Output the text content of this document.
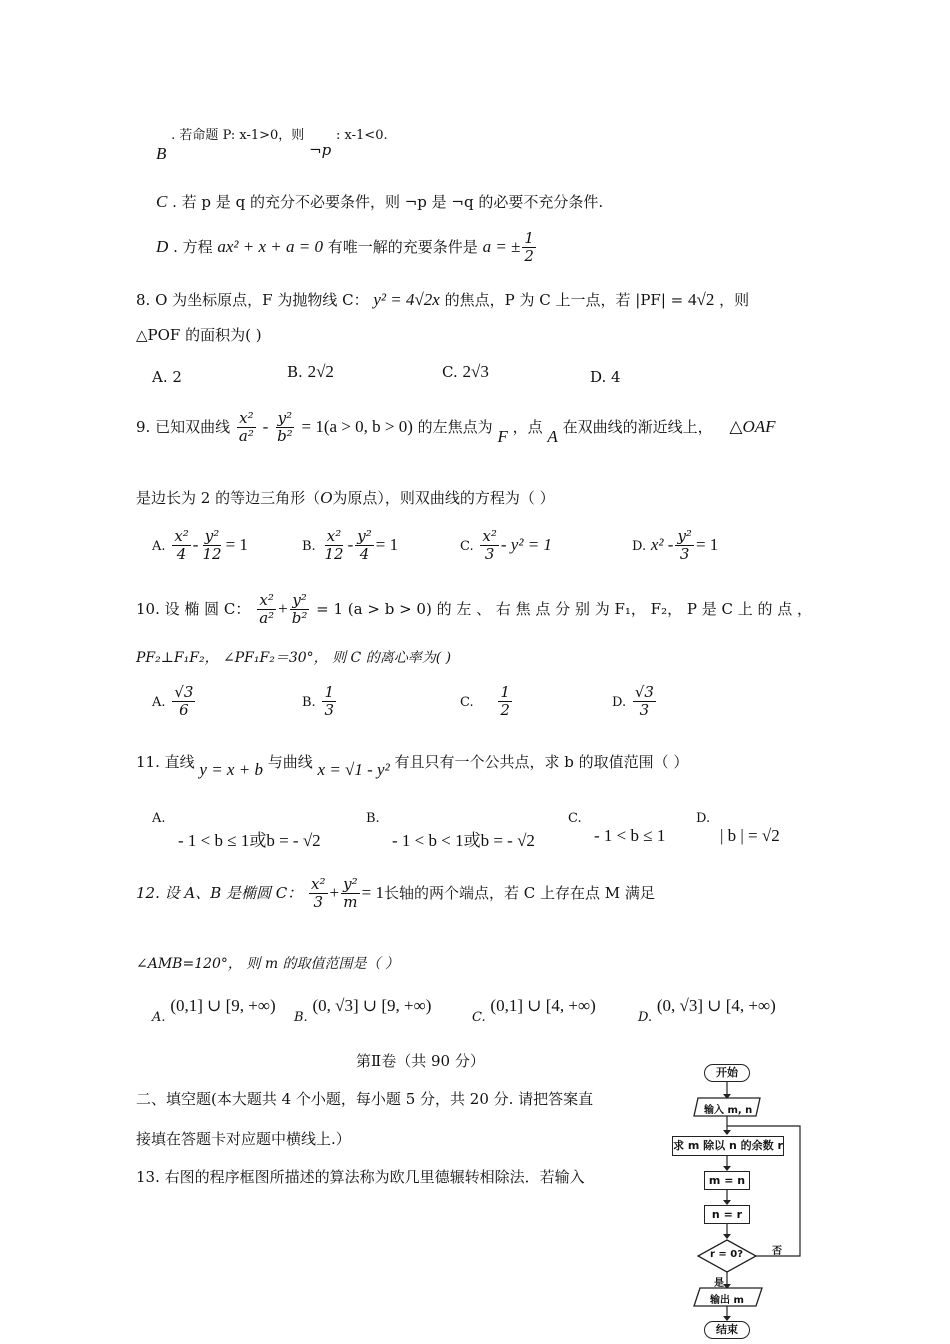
B . 若命题 P: x-1>0，则 ¬p : x-1<0.
C . 若 p 是 q 的充分不必要条件，则 ¬p 是 ¬q 的必要不充分条件.
D . 方程 ax² + x + a = 0 有唯一解的充要条件是 a = ± $\frac{1}{2}$
8. O 为坐标原点，F 为抛物线 C： y² = 4√2x 的焦点，P 为 C 上一点，若 |PF| = 4√2 ，则
△POF 的面积为( )
A. 2	B. 2√2	C. 2√3	D. 4
9. 已知双曲线 $\frac{\text{x²}}{\text{a²}} - \frac{\text{y²}}{\text{b²}} = 1(a > 0$, b > 0) 的左焦点为 F ，点 A 在双曲线的渐近线上， △OAF
是边长为 2 的等边三角形（O为原点），则双曲线的方程为（ ）
A. $\frac{\text{x²}}{4} - \frac{\text{y²}}{12} = 1$	B. $\frac{\text{x²}}{12} - \frac{\text{y²}}{4} = 1$	C. $\frac{\text{x²}}{3} - y^2 = 1$	D. $x^2 - \frac{\text{y²}}{3} = 1$
10. 设 椭 圆 C： $\frac{\text{x²}}{\text{a²}} + \frac{\text{y²}}{\text{b²}} = 1$ (a > b > 0) 的 左 、 右 焦 点 分 别 为 F₁， F₂， P 是 C 上 的 点 ，
PF₂⊥F₁F₂， ∠PF₁F₂＝30°， 则 C 的离心率为( )
A. $\frac{√3}{6}$	B. $\frac{1}{3}$	C. $\frac{1}{2}$	D. $\frac{√3}{3}$
11. 直线 y = x + b 与曲线 x = √1 - y² 有且只有一个公共点，求 b 的取值范围（ ）
A.
- 1 < b ≤ 1或b = - √2
B.
- 1 < b < 1或b = - √2
C.
- 1 < b ≤ 1
D.
| b | = √2
12. 设 A、B 是椭圆 C： $\frac{\text{x²}}{3} + \frac{\text{y²}}{m} = 1$长轴的两个端点，若 C 上存在点 M 满足
∠AMB=120°， 则 m 的取值范围是（ ）
A. (0,1] ∪ [9, +∞)
B. (0, √3] ∪ [9, +∞)
C. (0,1] ∪ [4, +∞)
D. (0, √3] ∪ [4, +∞)
第Ⅱ卷（共 90 分）
二、填空题(本大题共 4 个小题，每小题 5 分，共 20 分. 请把答案直
接填在答题卡对应题中横线上.）
13. 右图的程序框图所描述的算法称为欧几里德辗转相除法．若输入
开始
输入 m, n
求 m 除以 n 的余数 r
m = n
n = r
r = 0?	否
是
输出 m
结束
